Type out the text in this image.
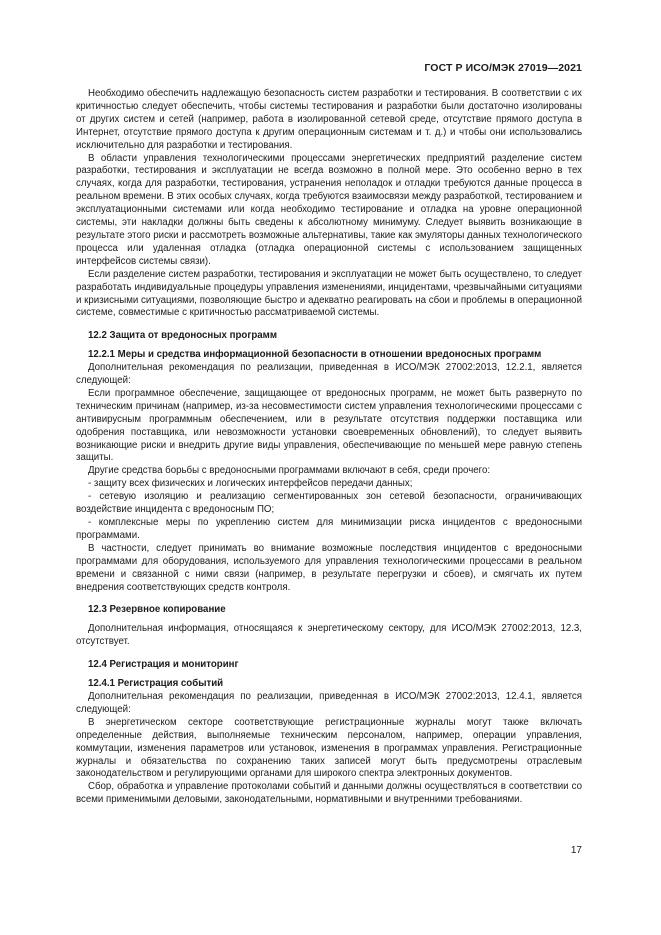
ГОСТ Р ИСО/МЭК 27019—2021

Необходимо обеспечить надлежащую безопасность систем разработки и тестирования. В соответствии с их критичностью следует обеспечить, чтобы системы тестирования и разработки были достаточно изолированы от других систем и сетей (например, работа в изолированной сетевой среде, отсутствие прямого доступа в Интернет, отсутствие прямого доступа к другим операционным системам и т. д.) и чтобы они использовались исключительно для разработки и тестирования.

В области управления технологическими процессами энергетических предприятий разделение систем разработки, тестирования и эксплуатации не всегда возможно в полной мере. Это особенно верно в тех случаях, когда для разработки, тестирования, устранения неполадок и отладки требуются данные процесса в реальном времени. В этих особых случаях, когда требуются взаимосвязи между разработкой, тестированием и эксплуатационными системами или когда необходимо тестирование и отладка на уровне операционной системы, эти накладки должны быть сведены к абсолютному минимуму. Следует выявить возникающие в результате этого риски и рассмотреть возможные альтернативы, такие как эмуляторы данных технологического процесса или удаленная отладка (отладка операционной системы с использованием защищенных интерфейсов системы связи).

Если разделение систем разработки, тестирования и эксплуатации не может быть осуществлено, то следует разработать индивидуальные процедуры управления изменениями, инцидентами, чрезвычайными ситуациями и кризисными ситуациями, позволяющие быстро и адекватно реагировать на сбои и проблемы в операционной системе, совместимые с критичностью рассматриваемой системы.

12.2 Защита от вредоносных программ
12.2.1 Меры и средства информационной безопасности в отношении вредоносных программ

Дополнительная рекомендация по реализации, приведенная в ИСО/МЭК 27002:2013, 12.2.1, является следующей:

Если программное обеспечение, защищающее от вредоносных программ, не может быть развернуто по техническим причинам (например, из-за несовместимости систем управления технологическими процессами с антивирусным программным обеспечением, или в результате отсутствия поддержки поставщика или одобрения поставщика, или невозможности установки своевременных обновлений), то следует выявить возникающие риски и внедрить другие виды управления, обеспечивающие по меньшей мере равную степень защиты.

Другие средства борьбы с вредоносными программами включают в себя, среди прочего:

- защиту всех физических и логических интерфейсов передачи данных;

- сетевую изоляцию и реализацию сегментированных зон сетевой безопасности, ограничивающих воздействие инцидента с вредоносным ПО;

- комплексные меры по укреплению систем для минимизации риска инцидентов с вредоносными программами.

В частности, следует принимать во внимание возможные последствия инцидентов с вредоносными программами для оборудования, используемого для управления технологическими процессами в реальном времени и связанной с ними связи (например, в результате перегрузки и сбоев), и смягчать их путем внедрения соответствующих средств контроля.

12.3 Резервное копирование

Дополнительная информация, относящаяся к энергетическому сектору, для ИСО/МЭК 27002:2013, 12.3, отсутствует.

12.4 Регистрация и мониторинг
12.4.1 Регистрация событий

Дополнительная рекомендация по реализации, приведенная в ИСО/МЭК 27002:2013, 12.4.1, является следующей:

В энергетическом секторе соответствующие регистрационные журналы могут также включать определенные действия, выполняемые техническим персоналом, например, операции управления, коммутации, изменения параметров или установок, изменения в программах управления. Регистрационные журналы и обязательства по сохранению таких записей могут быть предусмотрены отраслевым законодательством и регулирующими органами для широкого спектра электронных документов.

Сбор, обработка и управление протоколами событий и данными должны осуществляться в соответствии со всеми применимыми деловыми, законодательными, нормативными и внутренними требованиями.

17
